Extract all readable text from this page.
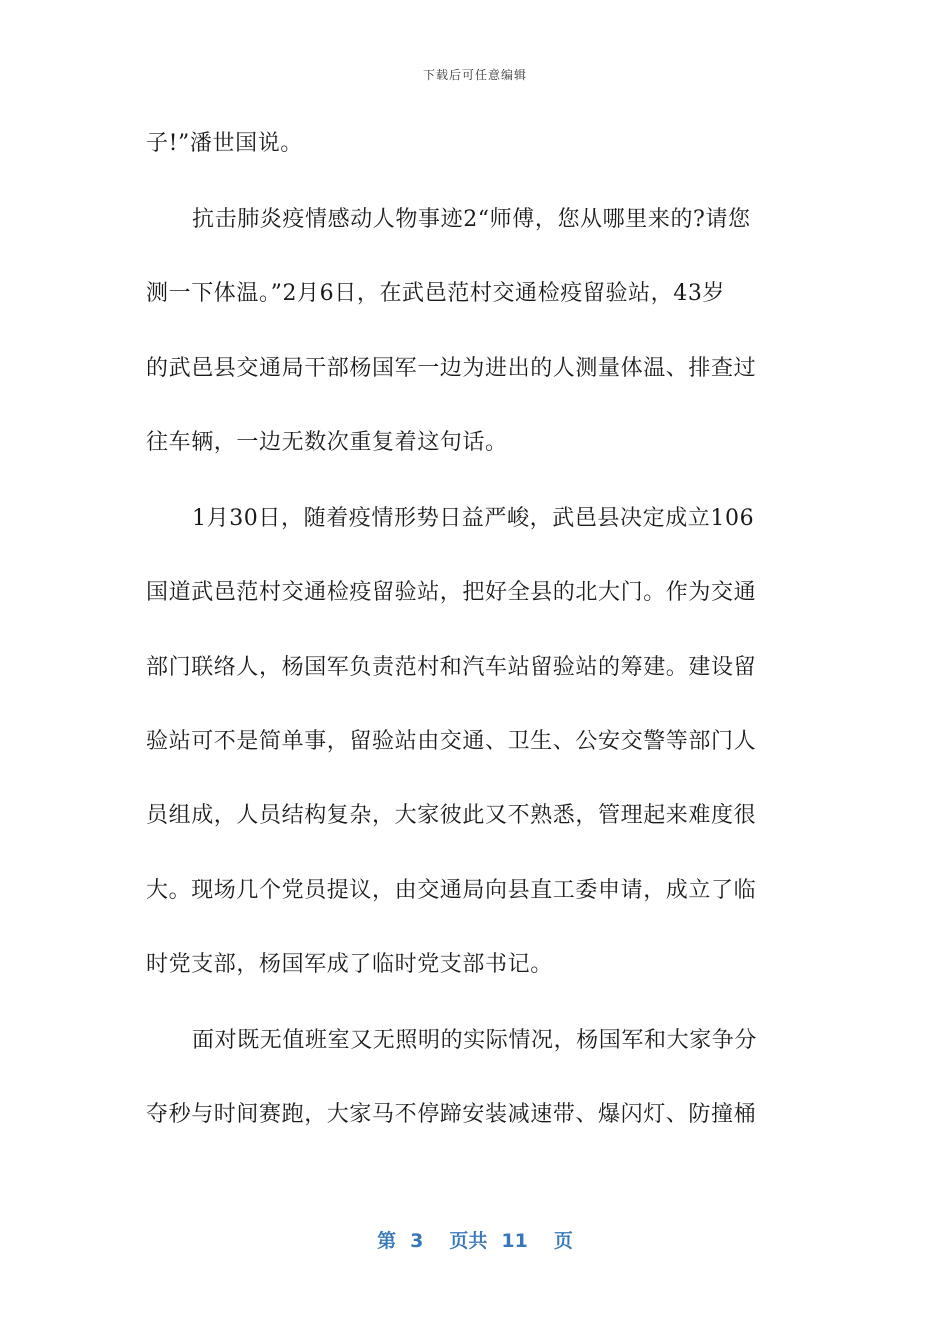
下载后可任意编辑
子!”潘世国说。
抗击肺炎疫情感动人物事迹2“师傅，您从哪里来的?请您
测一下体温。”2月6日，在武邑范村交通检疫留验站，43岁
的武邑县交通局干部杨国军一边为进出的人测量体温、排查过
往车辆，一边无数次重复着这句话。
1月30日，随着疫情形势日益严峻，武邑县决定成立106
国道武邑范村交通检疫留验站，把好全县的北大门。作为交通
部门联络人，杨国军负责范村和汽车站留验站的筹建。建设留
验站可不是简单事，留验站由交通、卫生、公安交警等部门人
员组成，人员结构复杂，大家彼此又不熟悉，管理起来难度很
大。现场几个党员提议，由交通局向县直工委申请，成立了临
时党支部，杨国军成了临时党支部书记。
面对既无值班室又无照明的实际情况，杨国军和大家争分
夺秒与时间赛跑，大家马不停蹄安装减速带、爆闪灯、防撞桶
第 3 页共 11 页
